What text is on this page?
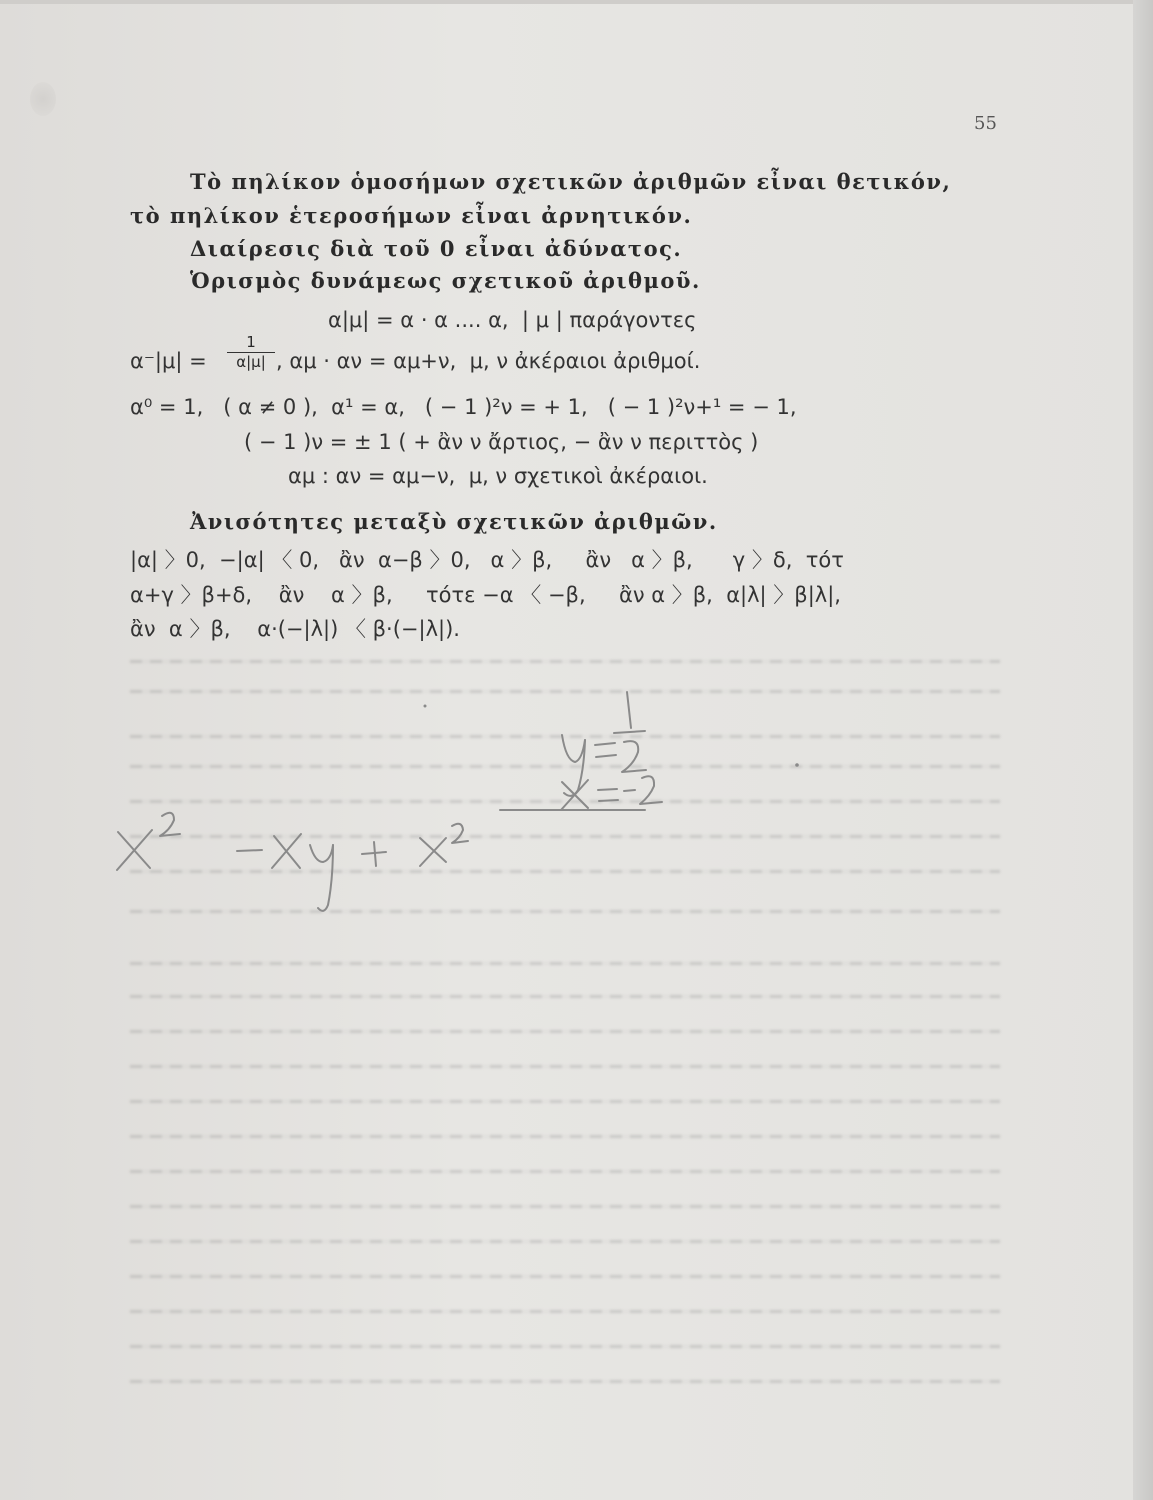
55
Τὸ πηλίκον ὁμοσήμων σχετικῶν ἀριθμῶν εἶναι θετικόν,
τὸ πηλίκον ἑτεροσήμων εἶναι ἀρνητικόν.
Διαίρεσις διὰ τοῦ 0 εἶναι ἀδύνατος.
Ὁρισμὸς δυνάμεως σχετικοῦ ἀριθμοῦ.
α|μ| = α · α .... α,  | μ | παράγοντες
$\alpha^-|\mu| = \frac{1}{\alpha|\mu|}$ , αμ · αν = αμ+ν,  μ, ν ἀκέραιοι ἀριθμοί.
α⁰ = 1,   ( α ≠ 0 ),  α¹ = α,   ( − 1 )²ν = + 1,   ( − 1 )²ν+¹ = − 1,
( − 1 )ν = ± 1 ( + ἂν ν ἄρτιος, − ἂν ν περιττὸς )
αμ : αν = αμ−ν,  μ, ν σχετικοὶ ἀκέραιοι.
Ἀνισότητες μεταξὺ σχετικῶν ἀριθμῶν.
|α| 〉0,  −|α| 〈 0,   ἂν  α−β 〉0,   α 〉β,     ἂν   α 〉β,      γ 〉δ,  τότ
α+γ 〉β+δ,    ἂν    α 〉β,     τότε −α 〈 −β,     ἂν α 〉β,  α|λ| 〉β|λ|,
ἂν  α 〉β,    α·(−|λ|) 〈 β·(−|λ|).
